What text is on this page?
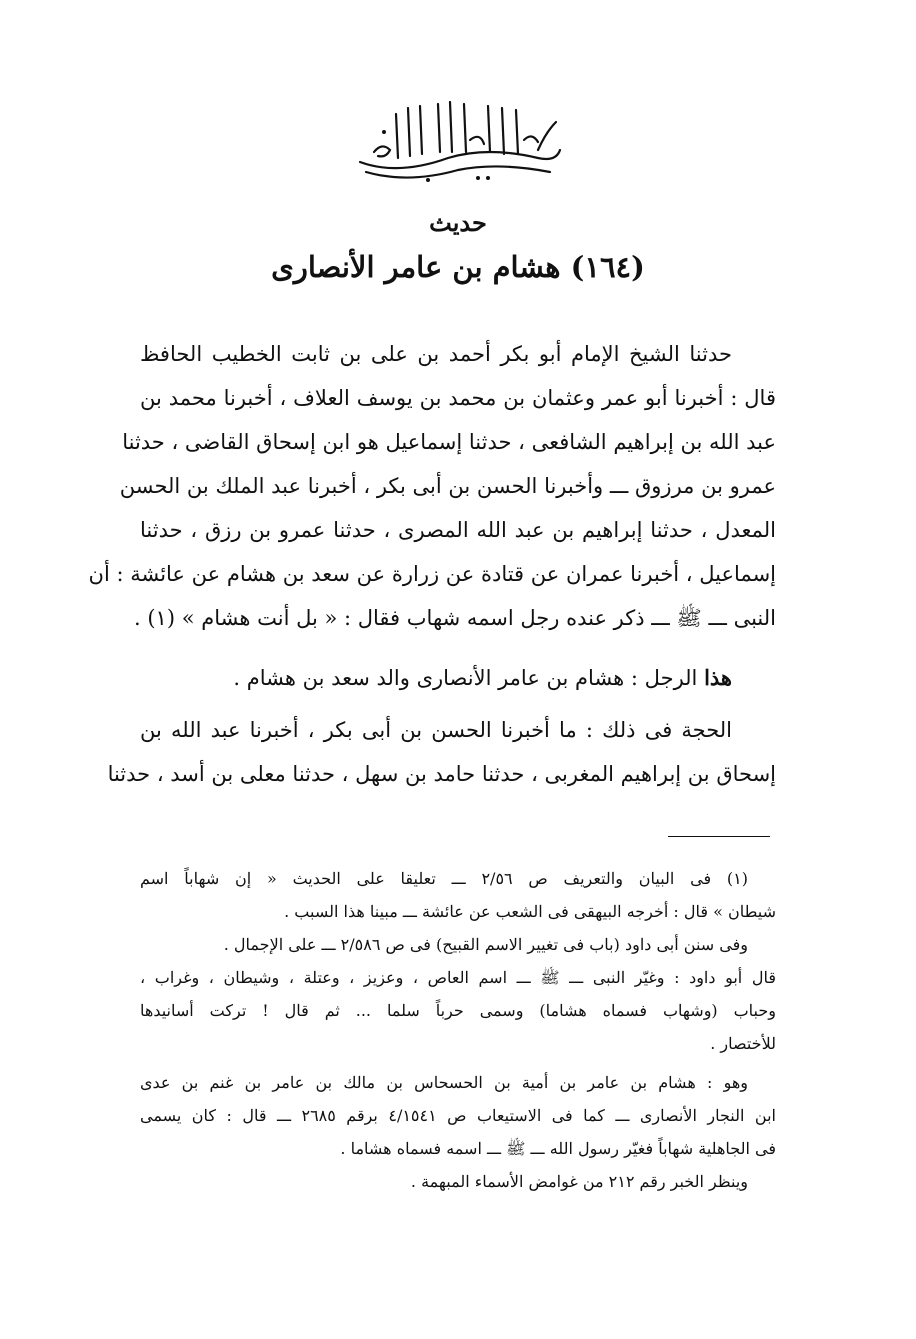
حديث
(١٦٤) هشام بن عامر الأنصارى
حدثنا الشيخ الإمام أبو بكر أحمد بن على بن ثابت الخطيب الحافظ
قال : أخبرنا أبو عمر وعثمان بن محمد بن يوسف العلاف ، أخبرنا محمد بن
عبد الله بن إبراهيم الشافعى ، حدثنا إسماعيل هو ابن إسحاق القاضى ، حدثنا
عمرو بن مرزوق ـــ وأخبرنا الحسن بن أبى بكر ، أخبرنا عبد الملك بن الحسن
المعدل ، حدثنا إبراهيم بن عبد الله المصرى ، حدثنا عمرو بن رزق ، حدثنا
إسماعيل ، أخبرنا عمران عن قتادة عن زرارة عن سعد بن هشام عن عائشة : أن
النبى ـــ ﷺ ـــ ذكر عنده رجل اسمه شهاب فقال : « بل أنت هشام » (١) .
هذا الرجل : هشام بن عامر الأنصارى والد سعد بن هشام .
الحجة فى ذلك : ما أخبرنا الحسن بن أبى بكر ، أخبرنا عبد الله بن
إسحاق بن إبراهيم المغربى ، حدثنا حامد بن سهل ، حدثنا معلى بن أسد ، حدثنا
(١) فى البيان والتعريف ص ٢/٥٦ ـــ تعليقا على الحديث « إن شهاباً اسم
شيطان » قال : أخرجه البيهقى فى الشعب عن عائشة ـــ مبينا هذا السبب .
وفى سنن أبى داود (باب فى تغيير الاسم القبيح) فى ص ٢/٥٨٦ ـــ على الإجمال .
قال أبو داود : وغيّر النبى ـــ ﷺ ـــ اسم العاص ، وعزيز ، وعتلة ، وشيطان ، وغراب ،
وحباب (وشهاب فسماه هشاما) وسمى حرباً سلما ... ثم قال ! تركت أسانيدها
للأختصار .
وهو : هشام بن عامر بن أمية بن الحسحاس بن مالك بن عامر بن غنم بن عدى
ابن النجار الأنصارى ـــ كما فى الاستيعاب ص ٤/١٥٤١ برقم ٢٦٨٥ ـــ قال : كان يسمى
فى الجاهلية شهاباً فغيّر رسول الله ـــ ﷺ ـــ اسمه فسماه هشاما .
وينظر الخبر رقم ٢١٢ من غوامض الأسماء المبهمة .
